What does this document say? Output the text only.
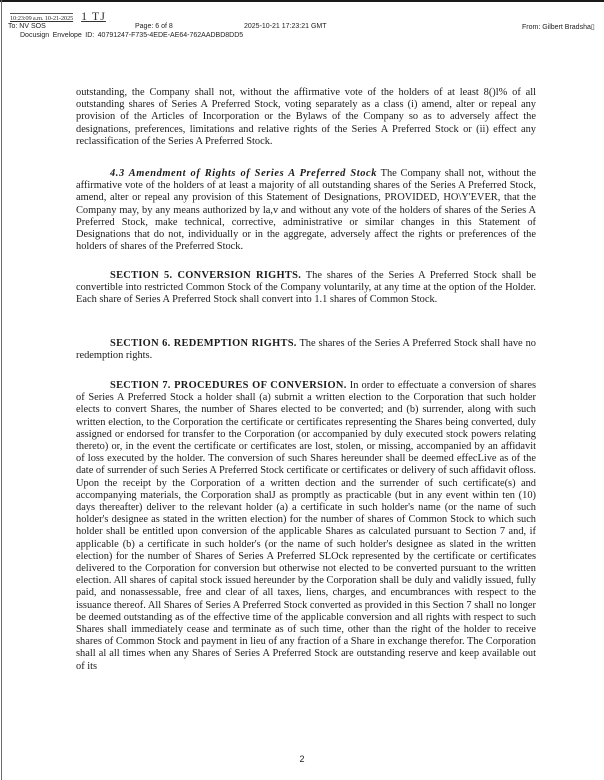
10:23:09 a.m. 10-21-2025 1 TJ
To: NV SOS	Page: 6 of 8	2025-10-21 17:23:21 GMT	From: Gilbert Bradsha▯
Docusign Envelope ID: 40791247-F735-4EDE-AE64-762AADBD8DD5
outstanding, the Company shall not, without the affirmative vote of the holders of at least 8()l% of all outstanding shares of Series A Preferred Stock, voting separately as a class (i) amend, alter or repeal any provision of the Articles of Incorporation or the Bylaws of the Company so as to adversely affect the designations, preferences, limitations and relative rights of the Series A Preferred Stock or (ii) effect any reclassification of the Series A Preferred Stock.
4.3 Amendment of Rights of Series A Preferred Stock The Company shall not, without the affirmative vote of the holders of at least a majority of all outstanding shares of the Series A Preferred Stock, amend, alter or repeal any provision of this Statement of Designations, PROVIDED, HO\Y'EVER, that the Company may, by any means authorized by la,v and without any vote of the holders of shares of the Series A Preferred Stock, make technical, corrective, administrative or similar changes in this Statement of Designations that do not, individually or in the aggregate, adversely affect the rights or preferences of the holders of shares of the Preferred Stock.
SECTION 5. CONVERSION RIGHTS. The shares of the Series A Preferred Stock shall be convertible into restricted Common Stock of the Company voluntarily, at any time at the option of the Holder. Each share of Series A Preferred Stock shall convert into 1.1 shares of Common Stock.
SECTION 6. REDEMPTION RIGHTS. The shares of the Series A Preferred Stock shall have no redemption rights.
SECTION 7. PROCEDURES OF CONVERSION. In order to effectuate a conversion of shares of Series A Preferred Stock a holder shall (a) subrnit a written election to the Corporation that such holder elects to convert Shares, the number of Shares elected to be converted; and (b) surrender, along with such written election, to the Corporation the certificate or certificates representing the Shares being converted, duly assigned or endorsed for transfer to the Corporation (or accompanied by duly executed stock powers relating thereto) or, in the event the certificate or certificates are lost, stolen, or missing, accompanied by an affidavit of loss executed by the holder. The conversion of such Shares hereunder shall be deemed effecLive as of the date of surrender of such Series A Preferred Stock certificate or certificates or delivery of such affidavit ofloss. Upon the receipt by the Corporation of a written dection and the surrender of such certificate(s) and accompanying materials, the Corporation shalJ as promptly as practicable (but in any event within ten (10) days thereafter) deliver to the relevant holder (a) a certificate in such holder's name (or the name of such holder's designee as stated in the written election) for the number of shares of Common Stock to which such holder shall be entitled upon conversion of the applicable Shares as calculated pursuant to Section 7 and, if applicable (b) a certificate in such holder's (or the name of such holder's designee as slated in the written election) for the number of Shares of Series A Preferred SLOck represented by the certificate or certificates delivered to the Corporation for conversion but otherwise not elected to be converted pursuant to the written election. All shares of capital stock issued hereunder by the Corporation shall be duly and validly issued, fully paid, and nonassessable, free and clear of all taxes, liens, charges, and encumbrances with respect to the issuance thereof. All Shares of Series A Preferred Stock converted as provided in this Section 7 shall no longer be deemed outstanding as of the effective time of the applicable conversion and all rights with respect to such Shares shall immediately cease and terminate as of such time, other than the right of the holder to receive shares of Common Stock and payment in lieu of any fraction of a Share in exchange therefor. The Corporation shall al all times when any Shares of Series A Preferred Stock are outstanding reserve and keep available out of its
2
